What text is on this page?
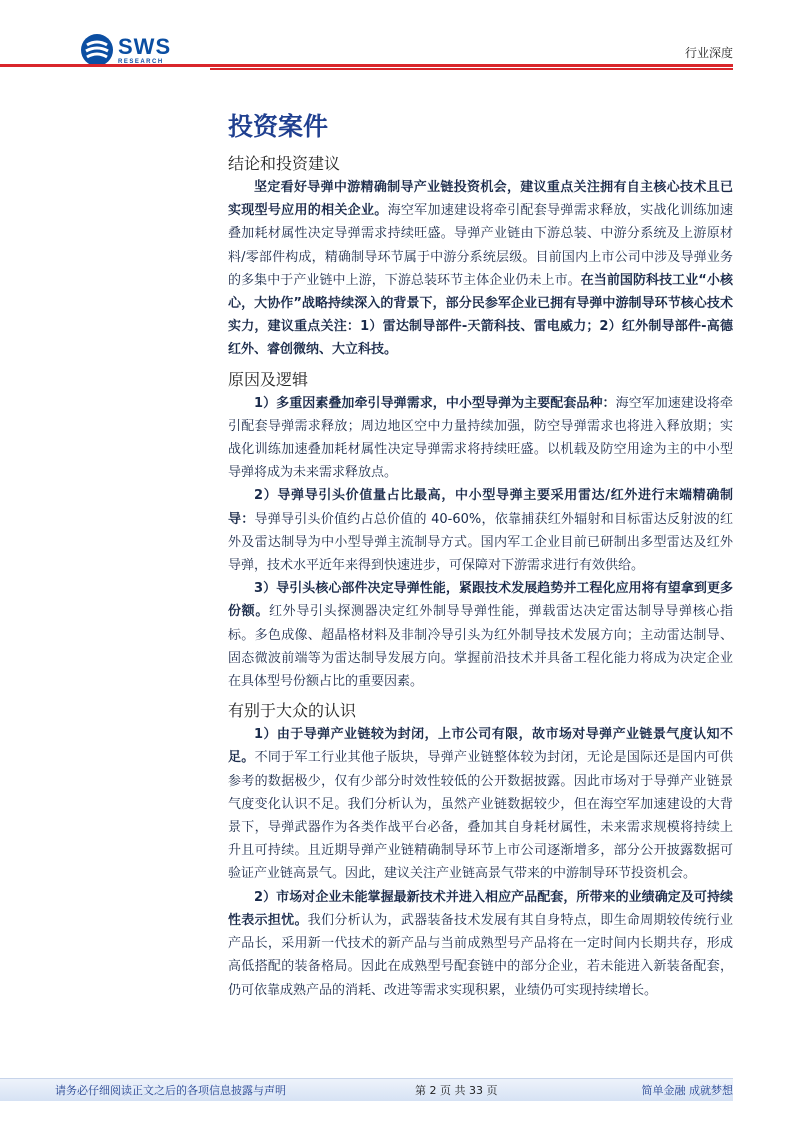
SWS
RESEARCH
行业深度
投资案件
结论和投资建议

坚定看好导弹中游精确制导产业链投资机会，建议重点关注拥有自主核心技术且已实现型号应用的相关企业。海空军加速建设将牵引配套导弹需求释放，实战化训练加速叠加耗材属性决定导弹需求持续旺盛。导弹产业链由下游总装、中游分系统及上游原材料/零部件构成，精确制导环节属于中游分系统层级。目前国内上市公司中涉及导弹业务的多集中于产业链中上游，下游总装环节主体企业仍未上市。在当前国防科技工业“小核心，大协作”战略持续深入的背景下，部分民参军企业已拥有导弹中游制导环节核心技术实力，建议重点关注：1）雷达制导部件-天箭科技、雷电威力；2）红外制导部件-高德红外、睿创微纳、大立科技。

原因及逻辑

1）多重因素叠加牵引导弹需求，中小型导弹为主要配套品种：海空军加速建设将牵引配套导弹需求释放；周边地区空中力量持续加强，防空导弹需求也将进入释放期；实战化训练加速叠加耗材属性决定导弹需求将持续旺盛。以机载及防空用途为主的中小型导弹将成为未来需求释放点。

2）导弹导引头价值量占比最高，中小型导弹主要采用雷达/红外进行末端精确制导：导弹导引头价值约占总价值的 40-60%，依靠捕获红外辐射和目标雷达反射波的红外及雷达制导为中小型导弹主流制导方式。国内军工企业目前已研制出多型雷达及红外导弹，技术水平近年来得到快速进步，可保障对下游需求进行有效供给。

3）导引头核心部件决定导弹性能，紧跟技术发展趋势并工程化应用将有望拿到更多份额。红外导引头探测器决定红外制导导弹性能，弹载雷达决定雷达制导导弹核心指标。多色成像、超晶格材料及非制冷导引头为红外制导技术发展方向；主动雷达制导、固态微波前端等为雷达制导发展方向。掌握前沿技术并具备工程化能力将成为决定企业在具体型号份额占比的重要因素。

有别于大众的认识

1）由于导弹产业链较为封闭，上市公司有限，故市场对导弹产业链景气度认知不足。不同于军工行业其他子版块，导弹产业链整体较为封闭，无论是国际还是国内可供参考的数据极少，仅有少部分时效性较低的公开数据披露。因此市场对于导弹产业链景气度变化认识不足。我们分析认为，虽然产业链数据较少，但在海空军加速建设的大背景下，导弹武器作为各类作战平台必备，叠加其自身耗材属性，未来需求规模将持续上升且可持续。且近期导弹产业链精确制导环节上市公司逐渐增多，部分公开披露数据可验证产业链高景气。因此，建议关注产业链高景气带来的中游制导环节投资机会。

2）市场对企业未能掌握最新技术并进入相应产品配套，所带来的业绩确定及可持续性表示担忧。我们分析认为，武器装备技术发展有其自身特点，即生命周期较传统行业产品长，采用新一代技术的新产品与当前成熟型号产品将在一定时间内长期共存，形成高低搭配的装备格局。因此在成熟型号配套链中的部分企业，若未能进入新装备配套，仍可依靠成熟产品的消耗、改进等需求实现积累，业绩仍可实现持续增长。

请务必仔细阅读正文之后的各项信息披露与声明	第 2 页 共 33 页	简单金融 成就梦想
